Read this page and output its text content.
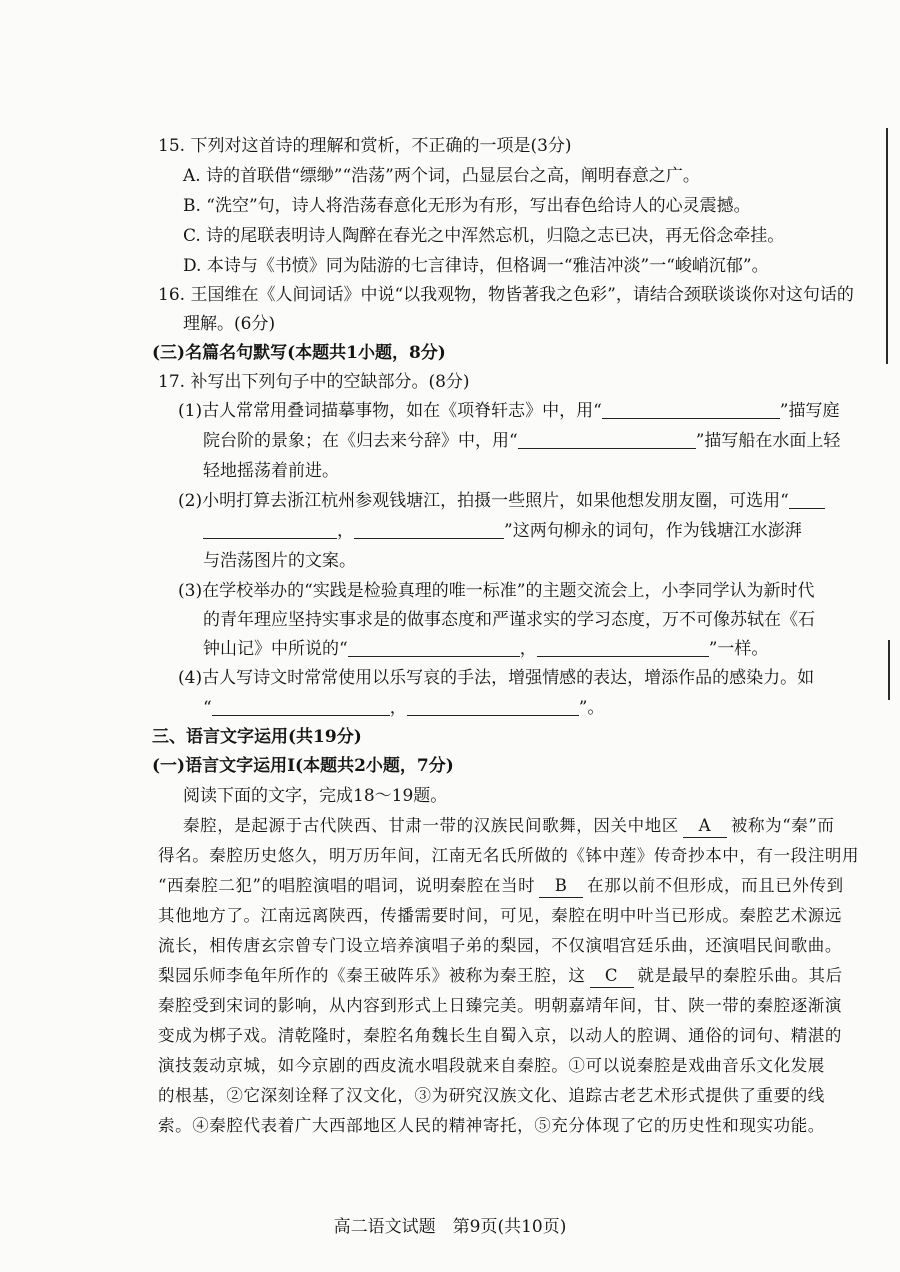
15. 下列对这首诗的理解和赏析，不正确的一项是(3分)
A. 诗的首联借“缥缈”“浩荡”两个词，凸显层台之高，阐明春意之广。
B. “洗空”句，诗人将浩荡春意化无形为有形，写出春色给诗人的心灵震撼。
C. 诗的尾联表明诗人陶醉在春光之中浑然忘机，归隐之志已决，再无俗念牵挂。
D. 本诗与《书愤》同为陆游的七言律诗，但格调一“雅洁冲淡”一“峻峭沉郁”。
16. 王国维在《人间词话》中说“以我观物，物皆著我之色彩”，请结合颈联谈谈你对这句话的
理解。(6分)
(三)名篇名句默写(本题共1小题，8分)
17. 补写出下列句子中的空缺部分。(8分)
(1)古人常常用叠词描摹事物，如在《项脊轩志》中，用“	”描写庭
院台阶的景象；在《归去来兮辞》中，用“	”描写船在水面上轻
轻地摇荡着前进。
(2)小明打算去浙江杭州参观钱塘江，拍摄一些照片，如果他想发朋友圈，可选用“
，	”这两句柳永的词句，作为钱塘江水澎湃
与浩荡图片的文案。
(3)在学校举办的“实践是检验真理的唯一标准”的主题交流会上，小李同学认为新时代
的青年理应坚持实事求是的做事态度和严谨求实的学习态度，万不可像苏轼在《石
钟山记》中所说的“	，	”一样。
(4)古人写诗文时常常使用以乐写哀的手法，增强情感的表达，增添作品的感染力。如
“	，	”。
三、语言文字运用(共19分)
(一)语言文字运用Ⅰ(本题共2小题，7分)
阅读下面的文字，完成18～19题。
秦腔，是起源于古代陕西、甘肃一带的汉族民间歌舞，因关中地区 A 被称为“秦”而
得名。秦腔历史悠久，明万历年间，江南无名氏所做的《钵中莲》传奇抄本中，有一段注明用
“西秦腔二犯”的唱腔演唱的唱词，说明秦腔在当时 B 在那以前不但形成，而且已外传到
其他地方了。江南远离陕西，传播需要时间，可见，秦腔在明中叶当已形成。秦腔艺术源远
流长，相传唐玄宗曾专门设立培养演唱子弟的梨园，不仅演唱宫廷乐曲，还演唱民间歌曲。
梨园乐师李龟年所作的《秦王破阵乐》被称为秦王腔，这 C 就是最早的秦腔乐曲。其后
秦腔受到宋词的影响，从内容到形式上日臻完美。明朝嘉靖年间，甘、陕一带的秦腔逐渐演
变成为梆子戏。清乾隆时，秦腔名角魏长生自蜀入京，以动人的腔调、通俗的词句、精湛的
演技轰动京城，如今京剧的西皮流水唱段就来自秦腔。①可以说秦腔是戏曲音乐文化发展
的根基，②它深刻诠释了汉文化，③为研究汉族文化、追踪古老艺术形式提供了重要的线
索。④秦腔代表着广大西部地区人民的精神寄托，⑤充分体现了它的历史性和现实功能。
高二语文试题　第9页(共10页)
